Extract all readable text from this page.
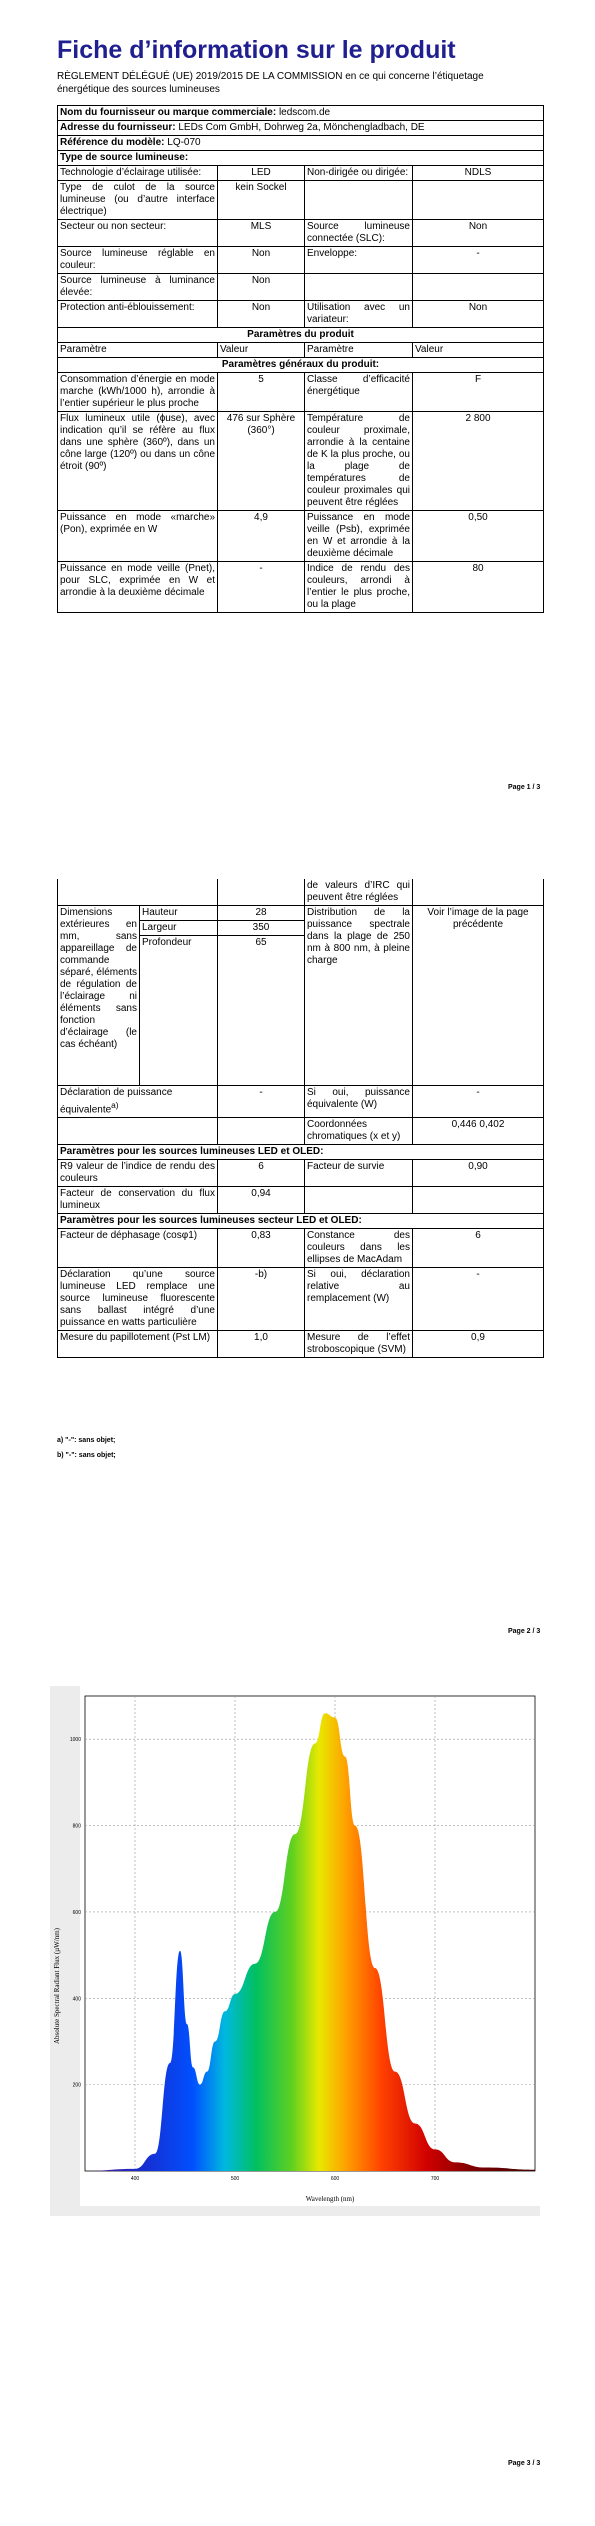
Fiche d’information sur le produit
RÈGLEMENT DÉLÉGUÉ (UE) 2019/2015 DE LA COMMISSION en ce qui concerne l’étiquetage énergétique des sources lumineuses
Nom du fournisseur ou marque commerciale: ledscom.de			
Adresse du fournisseur: LEDs Com GmbH, Dohrweg 2a, Mönchengladbach, DE			
Référence du modèle: LQ-070			
Type de source lumineuse:			
Technologie d’éclairage utilisée:	LED	Non-dirigée ou dirigée:	NDLS
Type de culot de la source lumineuse (ou d’autre interface électrique)	kein Sockel		
Secteur ou non secteur:	MLS	Source lumineuse connectée (SLC):	Non
Source lumineuse réglable en couleur:	Non	Enveloppe:	-
Source lumineuse à luminance élevée:	Non		
Protection anti-éblouissement:	Non	Utilisation avec un variateur:	Non
Paramètres du produit			
Paramètre	Valeur	Paramètre	Valeur
Paramètres généraux du produit:			
Consommation d’énergie en mode marche (kWh/1000 h), arrondie à l’entier supérieur le plus proche	5	Classe d’efficacité énergétique	F
Flux lumineux utile (ɸuse), avec indication qu’il se réfère au flux dans une sphère (360º), dans un cône large (120º) ou dans un cône étroit (90º)	476 sur Sphère (360°)	Température de couleur proximale, arrondie à la centaine de K la plus proche, ou la plage de températures de couleur proximales qui peuvent être réglées	2 800
Puissance en mode «marche» (Pon), exprimée en W	4,9	Puissance en mode veille (Psb), exprimée en W et arrondie à la deuxième décimale	0,50
Puissance en mode veille (Pnet), pour SLC, exprimée en W et arrondie à la deuxième décimale	-	Indice de rendu des couleurs, arrondi à l’entier le plus proche, ou la plage	80
Page 1 / 3
			de valeurs d’IRC qui peuvent être réglées	
Dimensions extérieures en mm, sans appareillage de commande séparé, éléments de régulation de l’éclairage ni éléments sans fonction d’éclairage (le cas échéant)	Hauteur	28	Distribution de la puissance spectrale dans la plage de 250 nm à 800 nm, à pleine charge	Voir l’image de la page précédente
	Largeur	350		
	Profondeur	65		
Déclaration de puissance équivalente$^{a)}$		-	Si oui, puissance équivalente (W)	-
			Coordonnées chromatiques (x et y)	0,446 0,402
Paramètres pour les sources lumineuses LED et OLED:				
R9 valeur de l’indice de rendu des couleurs		6	Facteur de survie	0,90
Facteur de conservation du flux lumineux		0,94		
Paramètres pour les sources lumineuses secteur LED et OLED:				
Facteur de déphasage (cosφ1)		0,83	Constance des couleurs dans les ellipses de MacAdam	6
Déclaration qu’une source lumineuse LED remplace une source lumineuse fluorescente sans ballast intégré d’une puissance en watts particulière		-b)	Si oui, déclaration relative au remplacement (W)	-
Mesure du papillotement (Pst LM)		1,0	Mesure de l’effet stroboscopique (SVM)	0,9
a) "-": sans objet;
b) "-": sans objet;
Page 2 / 3
400	500	600	700
1000
800
600
400
200
Absolute Spectral Radiant Flux (µW/nm)
Wavelength (nm)
Page 3 / 3
